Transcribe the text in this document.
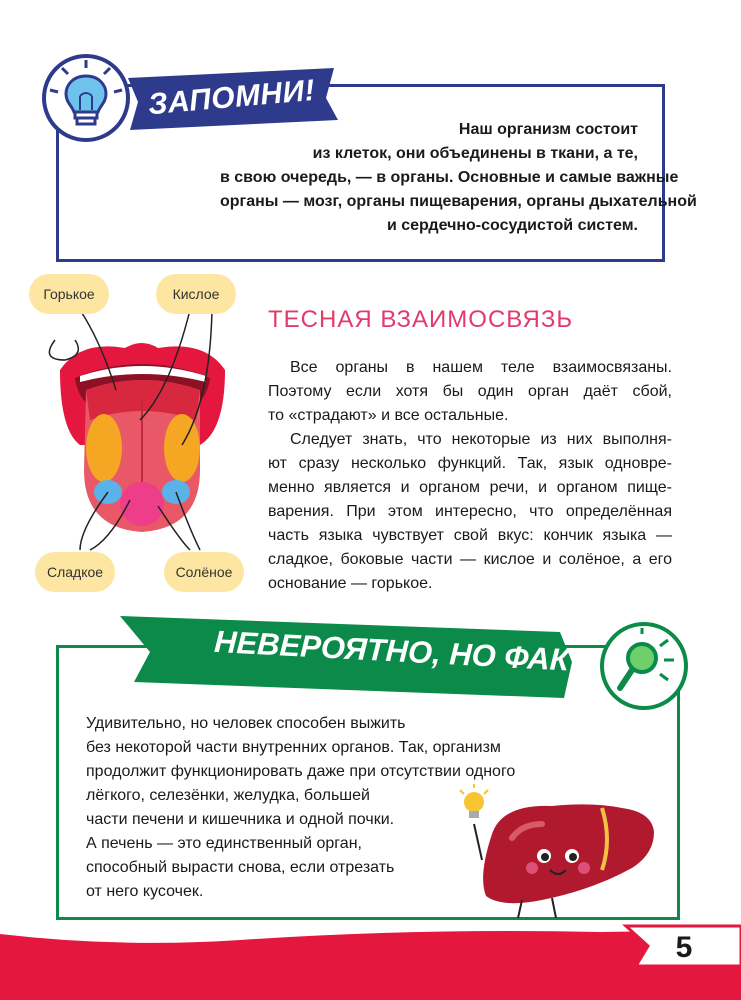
ЗАПОМНИ!
Наш организм состоит
из клеток, они объединены в ткани, а те,
в свою очередь, — в органы. Основные и самые важные
органы — мозг, органы пищеварения, органы дыхательной
и сердечно-сосудистой систем.
Горькое	Кислое
Сладкое	Солёное
ТЕСНАЯ ВЗАИМОСВЯЗЬ
Все органы в нашем теле взаимосвязаны.
Поэтому если хотя бы один орган даёт сбой,
то «страдают» и все остальные.
Следует знать, что некоторые из них выполня-
ют сразу несколько функций. Так, язык одновре-
менно является и органом речи, и органом пище-
варения. При этом интересно, что определённая
часть языка чувствует свой вкус: кончик языка —
сладкое, боковые части — кислое и солёное, а его
основание — горькое.
НЕВЕРОЯТНО, НО ФАКТ!
Удивительно, но человек способен выжить
без некоторой части внутренних органов. Так, организм
продолжит функционировать даже при отсутствии одного
лёгкого, селезёнки, желудка, большей
части печени и кишечника и одной почки.
А печень — это единственный орган,
способный вырасти снова, если отрезать
от него кусочек.
5
